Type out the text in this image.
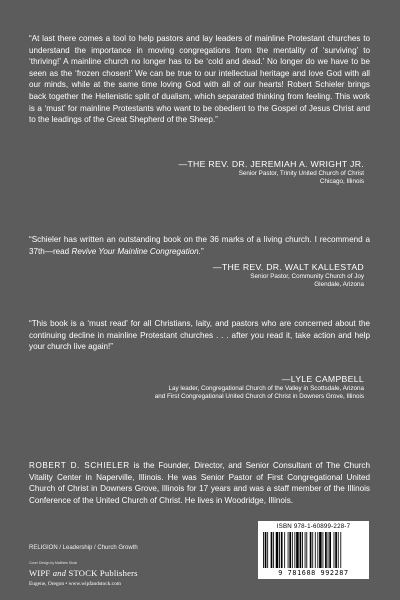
“At last there comes a tool to help pastors and lay leaders of mainline Protestant churches to understand the importance in moving congregations from the mentality of ‘surviving’ to ‘thriving!’ A mainline church no longer has to be ‘cold and dead.’ No longer do we have to be seen as the ‘frozen chosen!’ We can be true to our intellectual heritage and love God with all our minds, while at the same time loving God with all of our hearts! Robert Schieler brings back together the Hellenistic split of dualism, which separated thinking from feeling. This work is a ‘must’ for mainline Protestants who want to be obedient to the Gospel of Jesus Christ and to the leadings of the Great Shepherd of the Sheep.”

—THE REV. DR. JEREMIAH A. WRIGHT JR.
Senior Pastor, Trinity United Church of Christ
Chicago, Illinois

“Schieler has written an outstanding book on the 36 marks of a living church. I recommend a 37th—read Revive Your Mainline Congregation.”

—THE REV. DR. WALT KALLESTAD
Senior Pastor, Community Church of Joy
Glendale, Arizona

“This book is a ‘must read’ for all Christians, laity, and pastors who are concerned about the continuing decline in mainline Protestant churches . . . after you read it, take action and help your church live again!”

—LYLE CAMPBELL
Lay leader, Congregational Church of the Valley in Scottsdale, Arizona
and First Congregational United Church of Christ in Downers Grove, Illinois

ROBERT D. SCHIELER is the Founder, Director, and Senior Consultant of The Church Vitality Center in Naperville, Illinois. He was Senior Pastor of First Congregational United Church of Christ in Downers Grove, Illinois for 17 years and was a staff member of the Illinois Conference of the United Church of Christ. He lives in Woodridge, Illinois.

RELIGION / Leadership / Church Growth
Cover Design by Matthew Stock
WIPF and STOCK Publishers
Eugene, Oregon • www.wipfandstock.com
ISBN 978-1-60899-228-7
9 781608 992287
